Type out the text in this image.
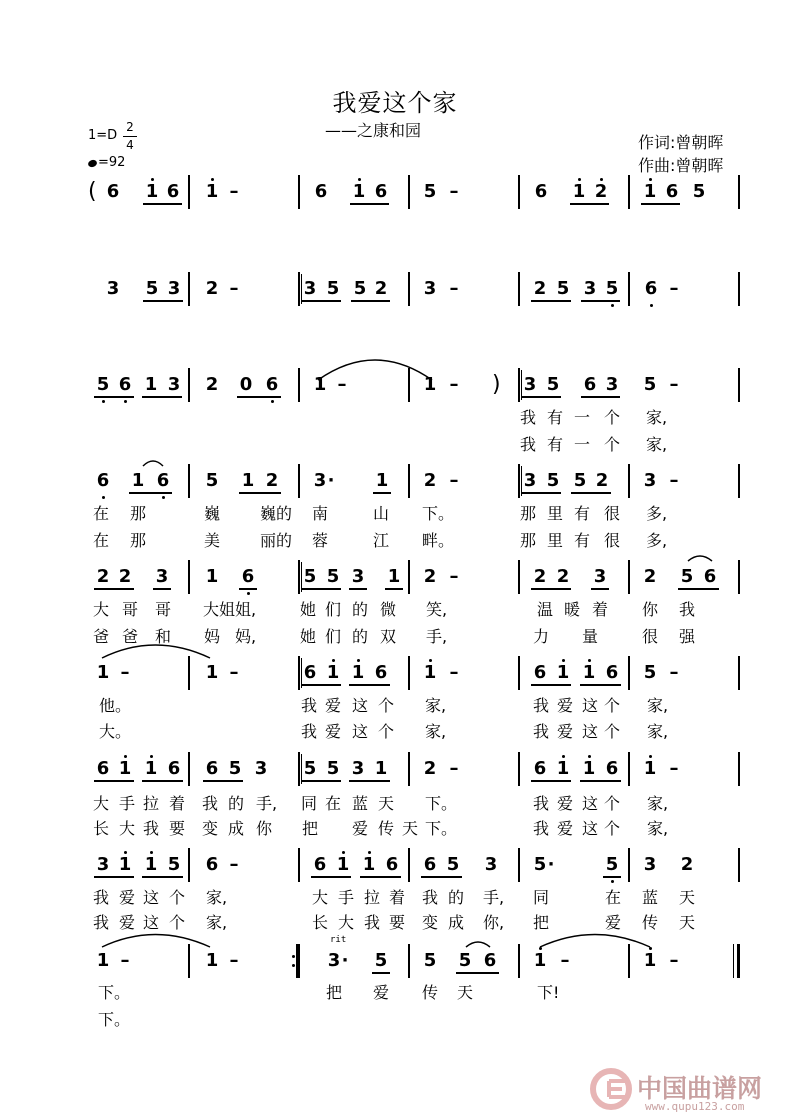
我爱这个家
——之康和园
作词:曾朝晖
作曲:曾朝晖
1=D
2
4
=92
6 1 6 1 –	6 1 6 5 –	6 1 2 1 6 5
3 5 3 2 –	3 5 5 2 3 –	2 5 3 5 6 –
5 6 1 3 2 0 6 1 –	1 –	3 5 6 3 5 –
6 1 6 5 1 2 3 · 1 2 –	3 5 5 2 3 –
2 2 3 1 6	5 5 3 1 2 –	2 2 3 2 5 6
1 –	1 –	6 1 1 6 1 –	6 1 1 6 5 –
6 1 1 6 6 5 3 5 5 3 1 2 –	6 1 1 6 1 –
3 1 1 5 6 –	6 1 1 6 6 5 3 5 ·	5 3 2
1 –	1 –	3 · 5 5 5 6 1 –	1 –
(
)
rit
我 有 一 个 家,
我 有 一 个 家,
在 那	巍 巍的 南	山 下。	那 里 有 很 多,
在 那	美 丽的 蓉	江 畔。	那 里 有 很 多,
大 哥 哥 大姐 姐,	她 们 的 微 笑,	温 暖 着 你 我
爸 爸 和 妈 妈,	她 们 的 双 手,	力 量	很 强
他。	我 爱 这 个 家,	我 爱 这 个 家,
大。	我 爱 这 个 家,	我 爱 这 个 家,
大 手 拉 着 我 的 手, 同 在 蓝 天 下。	我 爱 这 个 家,
长 大 我 要 变 成 你 把 爱 传 天 下。	我 爱 这 个 家,
我 爱 这 个 家,	大 手 拉 着 我 的 手, 同	在 蓝 天
我 爱 这 个 家,	长 大 我 要 变 成 你, 把	爱 传 天
下。	把 爱 传 天	下!
下。
中国曲谱网
www.qupu123.com
